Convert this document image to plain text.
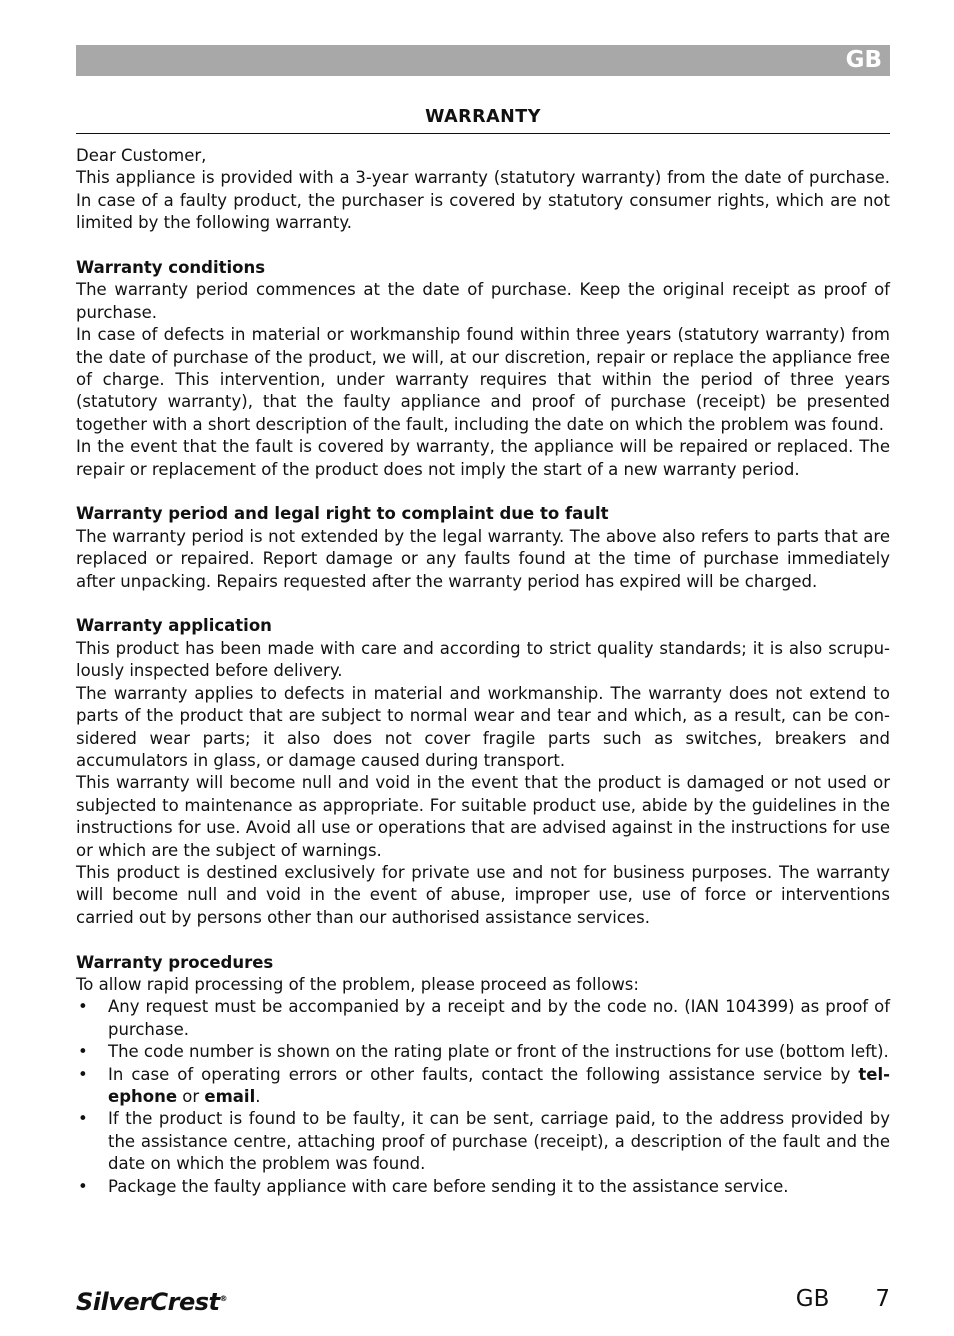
GB
WARRANTY

Dear Customer,

This appliance is provided with a 3-year warranty (statutory warranty) from the date of purchase. In case of a faulty product, the purchaser is covered by statutory consumer rights, which are not limited by the following warranty.

Warranty conditions

The warranty period commences at the date of purchase. Keep the original receipt as proof of purchase.

In case of defects in material or workmanship found within three years (statutory warranty) from the date of purchase of the product, we will, at our discretion, repair or replace the appliance free of charge. This intervention, under warranty requires that within the period of three years (statutory warranty), that the faulty appliance and proof of purchase (receipt) be presented together with a short description of the fault, including the date on which the problem was found.

In the event that the fault is covered by warranty, the appliance will be repaired or replaced. The repair or replacement of the product does not imply the start of a new warranty period.

Warranty period and legal right to complaint due to fault

The warranty period is not extended by the legal warranty. The above also refers to parts that are replaced or repaired. Report damage or any faults found at the time of purchase immediately after unpacking. Repairs requested after the warranty period has expired will be charged.

Warranty application

This product has been made with care and according to strict quality standards; it is also scrupu-lously inspected before delivery.

The warranty applies to defects in material and workmanship. The warranty does not extend to parts of the product that are subject to normal wear and tear and which, as a result, can be con-sidered wear parts; it also does not cover fragile parts such as switches, breakers and accumulators in glass, or damage caused during transport.

This warranty will become null and void in the event that the product is damaged or not used or subjected to maintenance as appropriate. For suitable product use, abide by the guidelines in the instructions for use. Avoid all use or operations that are advised against in the instructions for use or which are the subject of warnings.

This product is destined exclusively for private use and not for business purposes. The warranty will become null and void in the event of abuse, improper use, use of force or interventions carried out by persons other than our authorised assistance services.

Warranty procedures

To allow rapid processing of the problem, please proceed as follows:

• Any request must be accompanied by a receipt and by the code no. (IAN 104399) as proof of purchase.
• The code number is shown on the rating plate or front of the instructions for use (bottom left).
• In case of operating errors or other faults, contact the following assistance service by tel-ephone or email.
• If the product is found to be faulty, it can be sent, carriage paid, to the address provided by the assistance centre, attaching proof of purchase (receipt), a description of the fault and the date on which the problem was found.
• Package the faulty appliance with care before sending it to the assistance service.
SilverCrest®	GB 7
